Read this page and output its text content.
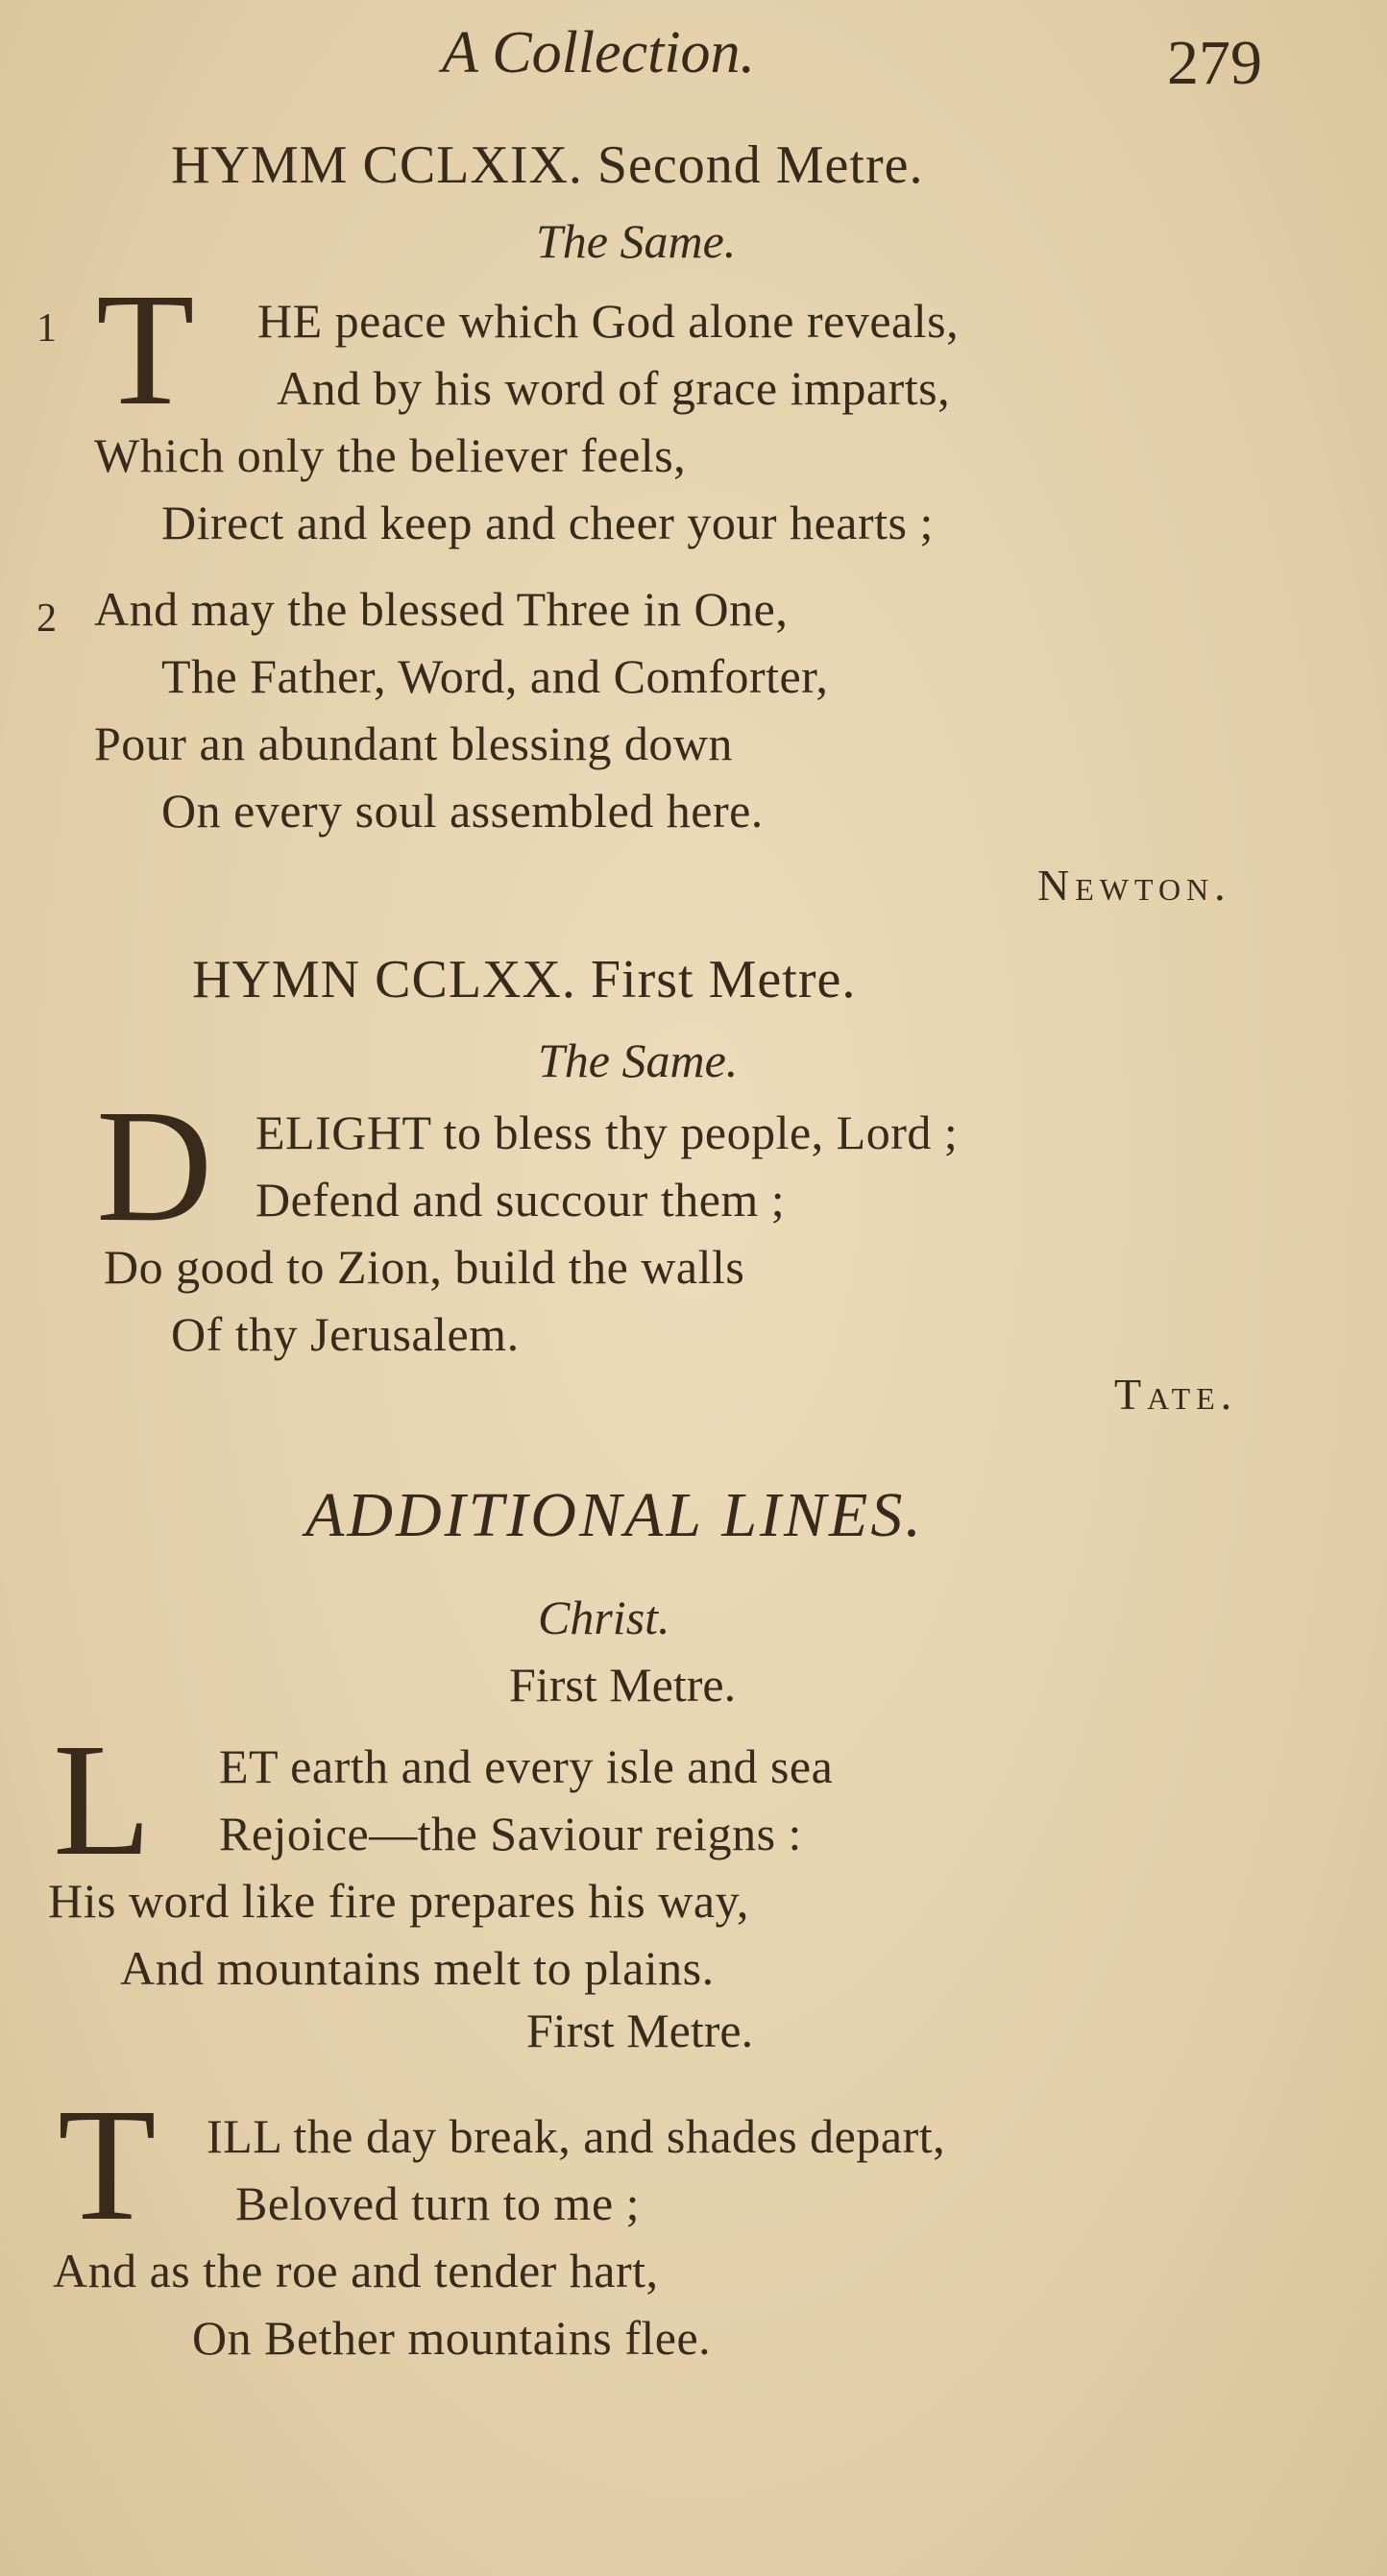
A Collection.	279
HYMM CCLXIX. Second Metre.
The Same.
1 T HE peace which God alone reveals,
And by his word of grace imparts,
Which only the believer feels,
Direct and keep and cheer your hearts ;
2 And may the blessed Three in One,
The Father, Word, and Comforter,
Pour an abundant blessing down
On every soul assembled here.
Newton.
HYMN CCLXX. First Metre.
The Same.
D ELIGHT to bless thy people, Lord ;
Defend and succour them ;
Do good to Zion, build the walls
Of thy Jerusalem.
Tate.
ADDITIONAL LINES.
Christ.
First Metre.
L ET earth and every isle and sea
Rejoice—the Saviour reigns :
His word like fire prepares his way,
And mountains melt to plains.
First Metre.
T ILL the day break, and shades depart,
Beloved turn to me ;
And as the roe and tender hart,
On Bether mountains flee.
